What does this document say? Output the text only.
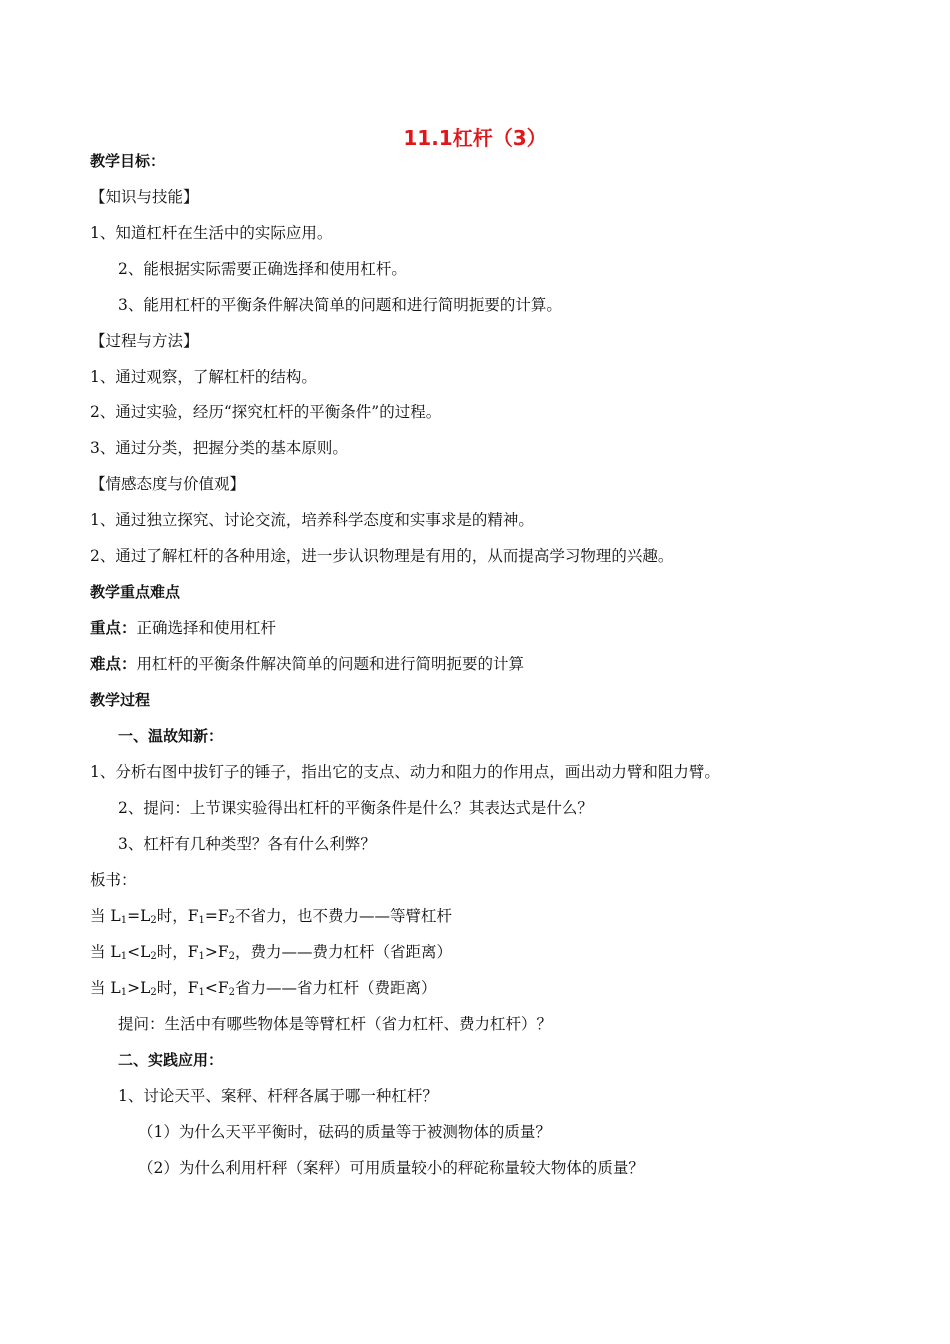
11.1杠杆（3）
教学目标：
【知识与技能】
1、知道杠杆在生活中的实际应用。
2、能根据实际需要正确选择和使用杠杆。
3、能用杠杆的平衡条件解决简单的问题和进行简明扼要的计算。
【过程与方法】
1、通过观察，了解杠杆的结构。
2、通过实验，经历“探究杠杆的平衡条件”的过程。
3、通过分类，把握分类的基本原则。
【情感态度与价值观】
1、通过独立探究、讨论交流，培养科学态度和实事求是的精神。
2、通过了解杠杆的各种用途，进一步认识物理是有用的，从而提高学习物理的兴趣。
教学重点难点
重点：正确选择和使用杠杆
难点：用杠杆的平衡条件解决简单的问题和进行简明扼要的计算
教学过程
一、温故知新：
1、分析右图中拔钉子的锤子，指出它的支点、动力和阻力的作用点，画出动力臂和阻力臂。
2、提问：上节课实验得出杠杆的平衡条件是什么？其表达式是什么？
3、杠杆有几种类型？各有什么利弊？
板书：
当 $L_1=L_2$时，$F_1=F_2$不省力，也不费力——等臂杠杆
当 $L_1<L_2$时，$F_1>F_2$，费力——费力杠杆（省距离）
当 $L_1>L_2$时，$F_1<F_2$省力——省力杠杆（费距离）
提问：生活中有哪些物体是等臂杠杆（省力杠杆、费力杠杆）？
二、实践应用：
1、讨论天平、案秤、杆秤各属于哪一种杠杆？
（1）为什么天平平衡时，砝码的质量等于被测物体的质量？
（2）为什么利用杆秤（案秤）可用质量较小的秤砣称量较大物体的质量？
